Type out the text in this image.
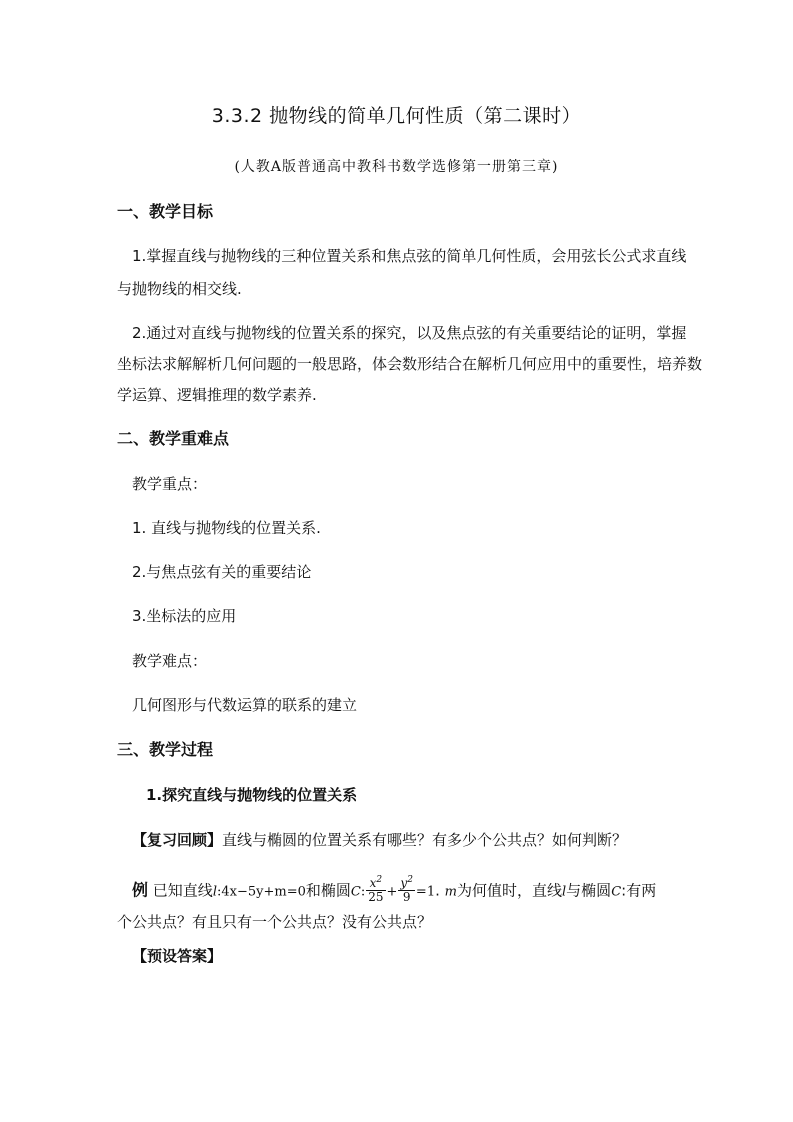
3.3.2 抛物线的简单几何性质（第二课时）
(人教A版普通高中教科书数学选修第一册第三章)
一、教学目标
1.掌握直线与抛物线的三种位置关系和焦点弦的简单几何性质，会用弦长公式求直线
与抛物线的相交线.
2.通过对直线与抛物线的位置关系的探究，以及焦点弦的有关重要结论的证明，掌握
坐标法求解解析几何问题的一般思路，体会数形结合在解析几何应用中的重要性，培养数
学运算、逻辑推理的数学素养.
二、教学重难点
教学重点：
1. 直线与抛物线的位置关系.
2.与焦点弦有关的重要结论
3.坐标法的应用
教学难点：
几何图形与代数运算的联系的建立
三、教学过程
1.探究直线与抛物线的位置关系
【复习回顾】直线与椭圆的位置关系有哪些？有多少个公共点？如何判断？
例 已知直线l:4x−5y+m=0和椭圆C: $\frac{x^2}{25} + \frac{y^2}{9} =1$. m为何值时，直线l与椭圆C:有两
个公共点？有且只有一个公共点？没有公共点？
【预设答案】
